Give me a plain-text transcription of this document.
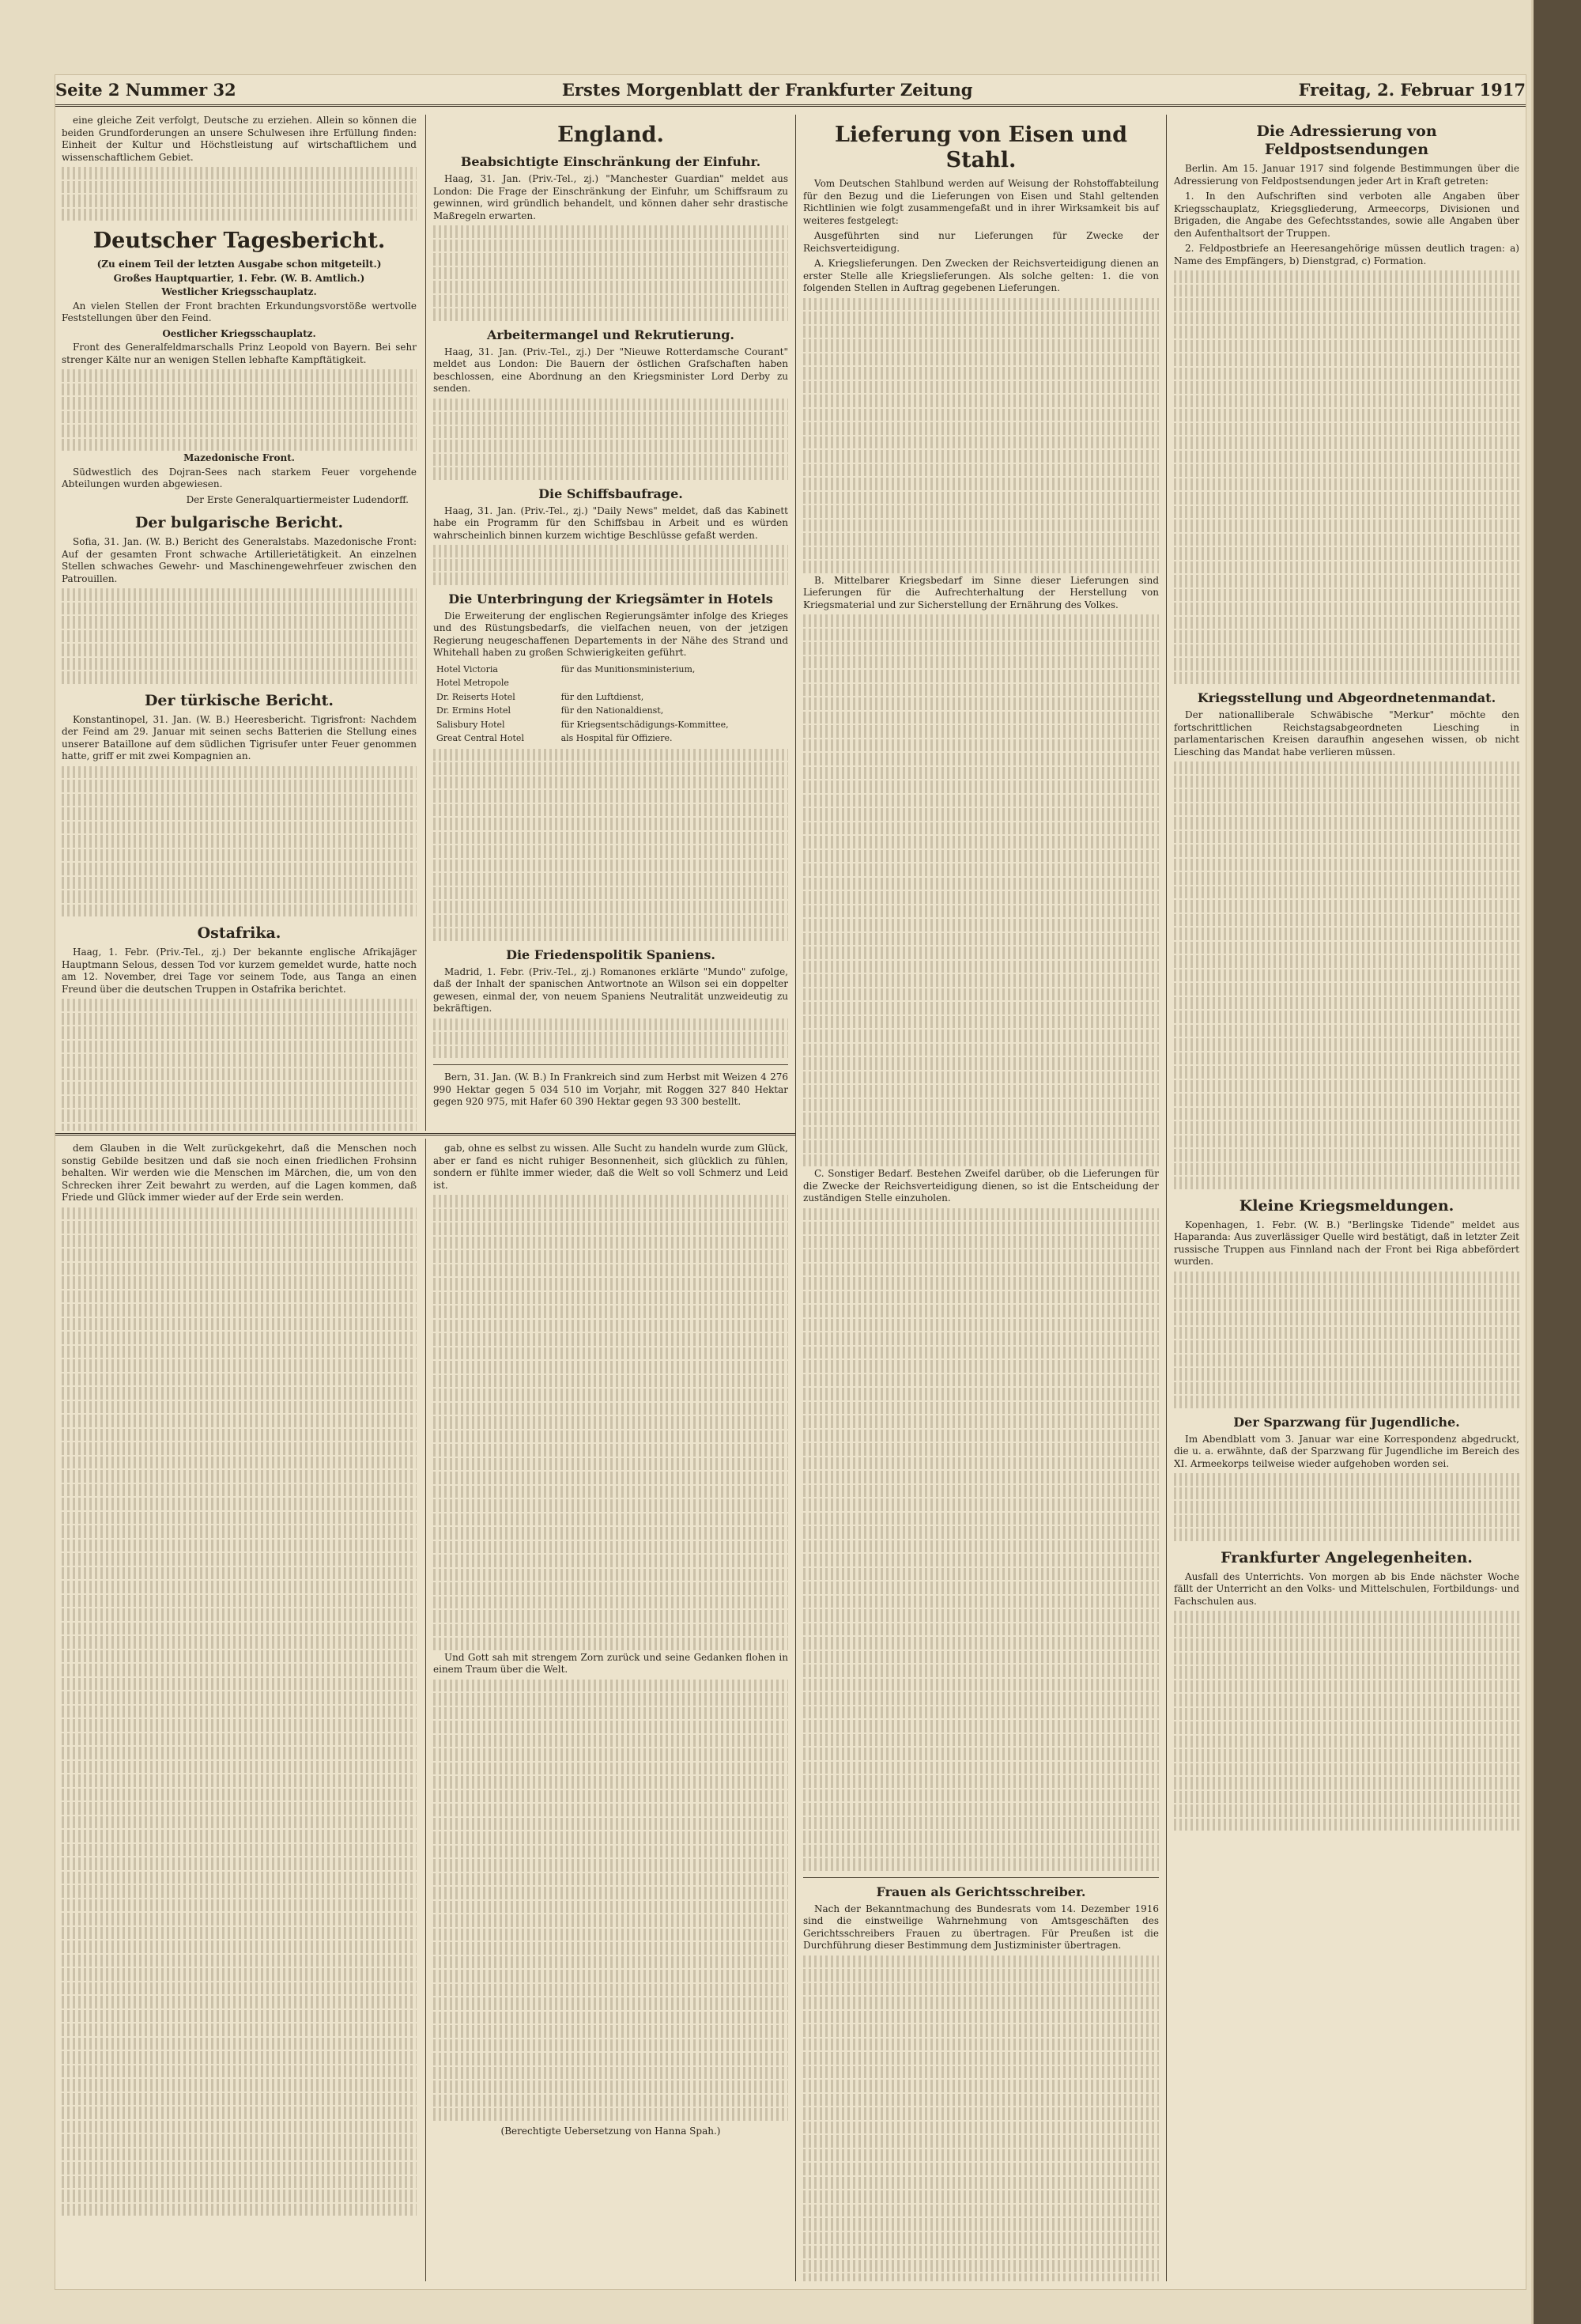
Seite 2 Nummer 32	Erstes Morgenblatt der Frankfurter Zeitung	Freitag, 2. Februar 1917

eine gleiche Zeit verfolgt, Deutsche zu erziehen. Allein so können die beiden Grundforderungen an unsere Schulwesen ihre Erfüllung finden: Einheit der Kultur und Höchstleistung auf wirtschaftlichem und wissenschaftlichem Gebiet.

Deutscher Tagesbericht.
(Zu einem Teil der letzten Ausgabe schon mitgeteilt.)
Großes Hauptquartier, 1. Febr. (W. B. Amtlich.)
Westlicher Kriegsschauplatz.

An vielen Stellen der Front brachten Erkundungsvorstöße wertvolle Feststellungen über den Feind.

Oestlicher Kriegsschauplatz.

Front des Generalfeldmarschalls Prinz Leopold von Bayern. Bei sehr strenger Kälte nur an wenigen Stellen lebhafte Kampftätigkeit.

Mazedonische Front.

Südwestlich des Dojran-Sees nach starkem Feuer vorgehende Abteilungen wurden abgewiesen.

Der Erste Generalquartiermeister Ludendorff.
Der bulgarische Bericht.

Sofia, 31. Jan. (W. B.) Bericht des Generalstabs. Mazedonische Front: Auf der gesamten Front schwache Artillerietätigkeit. An einzelnen Stellen schwaches Gewehr- und Maschinengewehrfeuer zwischen den Patrouillen.

Der türkische Bericht.

Konstantinopel, 31. Jan. (W. B.) Heeresbericht. Tigrisfront: Nachdem der Feind am 29. Januar mit seinen sechs Batterien die Stellung eines unserer Bataillone auf dem südlichen Tigrisufer unter Feuer genommen hatte, griff er mit zwei Kompagnien an.

Ostafrika.

Haag, 1. Febr. (Priv.-Tel., zj.) Der bekannte englische Afrikajäger Hauptmann Selous, dessen Tod vor kurzem gemeldet wurde, hatte noch am 12. November, drei Tage vor seinem Tode, aus Tanga an einen Freund über die deutschen Truppen in Ostafrika berichtet.

England.
Beabsichtigte Einschränkung der Einfuhr.

Haag, 31. Jan. (Priv.-Tel., zj.) "Manchester Guardian" meldet aus London: Die Frage der Einschränkung der Einfuhr, um Schiffsraum zu gewinnen, wird gründlich behandelt, und können daher sehr drastische Maßregeln erwarten.

Arbeitermangel und Rekrutierung.

Haag, 31. Jan. (Priv.-Tel., zj.) Der "Nieuwe Rotterdamsche Courant" meldet aus London: Die Bauern der östlichen Grafschaften haben beschlossen, eine Abordnung an den Kriegsminister Lord Derby zu senden.

Die Schiffsbaufrage.

Haag, 31. Jan. (Priv.-Tel., zj.) "Daily News" meldet, daß das Kabinett habe ein Programm für den Schiffsbau in Arbeit und es würden wahrscheinlich binnen kurzem wichtige Beschlüsse gefaßt werden.

Die Unterbringung der Kriegsämter in Hotels

Die Erweiterung der englischen Regierungsämter infolge des Krieges und des Rüstungsbedarfs, die vielfachen neuen, von der jetzigen Regierung neugeschaffenen Departements in der Nähe des Strand und Whitehall haben zu großen Schwierigkeiten geführt.

Hotel Victoria	für das Munitionsministerium,
Hotel Metropole	
Dr. Reiserts Hotel	für den Luftdienst,
Dr. Ermins Hotel	für den Nationaldienst,
Salisbury Hotel	für Kriegsentschädigungs-Kommittee,
Great Central Hotel	als Hospital für Offiziere.
Die Friedenspolitik Spaniens.

Madrid, 1. Febr. (Priv.-Tel., zj.) Romanones erklärte "Mundo" zufolge, daß der Inhalt der spanischen Antwortnote an Wilson sei ein doppelter gewesen, einmal der, von neuem Spaniens Neutralität unzweideutig zu bekräftigen.

Bern, 31. Jan. (W. B.) In Frankreich sind zum Herbst mit Weizen 4 276 990 Hektar gegen 5 034 510 im Vorjahr, mit Roggen 327 840 Hektar gegen 920 975, mit Hafer 60 390 Hektar gegen 93 300 bestellt.

Lieferung von Eisen und Stahl.

Vom Deutschen Stahlbund werden auf Weisung der Rohstoffabteilung für den Bezug und die Lieferungen von Eisen und Stahl geltenden Richtlinien wie folgt zusammengefaßt und in ihrer Wirksamkeit bis auf weiteres festgelegt:

Ausgeführten sind nur Lieferungen für Zwecke der Reichsverteidigung.

A. Kriegslieferungen. Den Zwecken der Reichsverteidigung dienen an erster Stelle alle Kriegslieferungen. Als solche gelten: 1. die von folgenden Stellen in Auftrag gegebenen Lieferungen.

B. Mittelbarer Kriegsbedarf im Sinne dieser Lieferungen sind Lieferungen für die Aufrechterhaltung der Herstellung von Kriegsmaterial und zur Sicherstellung der Ernährung des Volkes.

C. Sonstiger Bedarf. Bestehen Zweifel darüber, ob die Lieferungen für die Zwecke der Reichsverteidigung dienen, so ist die Entscheidung der zuständigen Stelle einzuholen.

Frauen als Gerichtsschreiber.

Nach der Bekanntmachung des Bundesrats vom 14. Dezember 1916 sind die einstweilige Wahrnehmung von Amtsgeschäften des Gerichtsschreibers Frauen zu übertragen. Für Preußen ist die Durchführung dieser Bestimmung dem Justizminister übertragen.

Die Adressierung von Feldpostsendungen

Berlin. Am 15. Januar 1917 sind folgende Bestimmungen über die Adressierung von Feldpostsendungen jeder Art in Kraft getreten:

1. In den Aufschriften sind verboten alle Angaben über Kriegsschauplatz, Kriegsgliederung, Armeecorps, Divisionen und Brigaden, die Angabe des Gefechtsstandes, sowie alle Angaben über den Aufenthaltsort der Truppen.

2. Feldpostbriefe an Heeresangehörige müssen deutlich tragen: a) Name des Empfängers, b) Dienstgrad, c) Formation.

Kriegsstellung und Abgeordnetenmandat.

Der nationalliberale Schwäbische "Merkur" möchte den fortschrittlichen Reichstagsabgeordneten Liesching in parlamentarischen Kreisen daraufhin angesehen wissen, ob nicht Liesching das Mandat habe verlieren müssen.

Kleine Kriegsmeldungen.

Kopenhagen, 1. Febr. (W. B.) "Berlingske Tidende" meldet aus Haparanda: Aus zuverlässiger Quelle wird bestätigt, daß in letzter Zeit russische Truppen aus Finnland nach der Front bei Riga abbefördert wurden.

Der Sparzwang für Jugendliche.

Im Abendblatt vom 3. Januar war eine Korrespondenz abgedruckt, die u. a. erwähnte, daß der Sparzwang für Jugendliche im Bereich des XI. Armeekorps teilweise wieder aufgehoben worden sei.

Frankfurter Angelegenheiten.

Ausfall des Unterrichts. Von morgen ab bis Ende nächster Woche fällt der Unterricht an den Volks- und Mittelschulen, Fortbildungs- und Fachschulen aus.

dem Glauben in die Welt zurückgekehrt, daß die Menschen noch sonstig Gebilde besitzen und daß sie noch einen friedlichen Frohsinn behalten. Wir werden wie die Menschen im Märchen, die, um von den Schrecken ihrer Zeit bewahrt zu werden, auf die Lagen kommen, daß Friede und Glück immer wieder auf der Erde sein werden.

gab, ohne es selbst zu wissen. Alle Sucht zu handeln wurde zum Glück, aber er fand es nicht ruhiger Besonnenheit, sich glücklich zu fühlen, sondern er fühlte immer wieder, daß die Welt so voll Schmerz und Leid ist.

Und Gott sah mit strengem Zorn zurück und seine Gedanken flohen in einem Traum über die Welt.

(Berechtigte Uebersetzung von Hanna Spah.)
